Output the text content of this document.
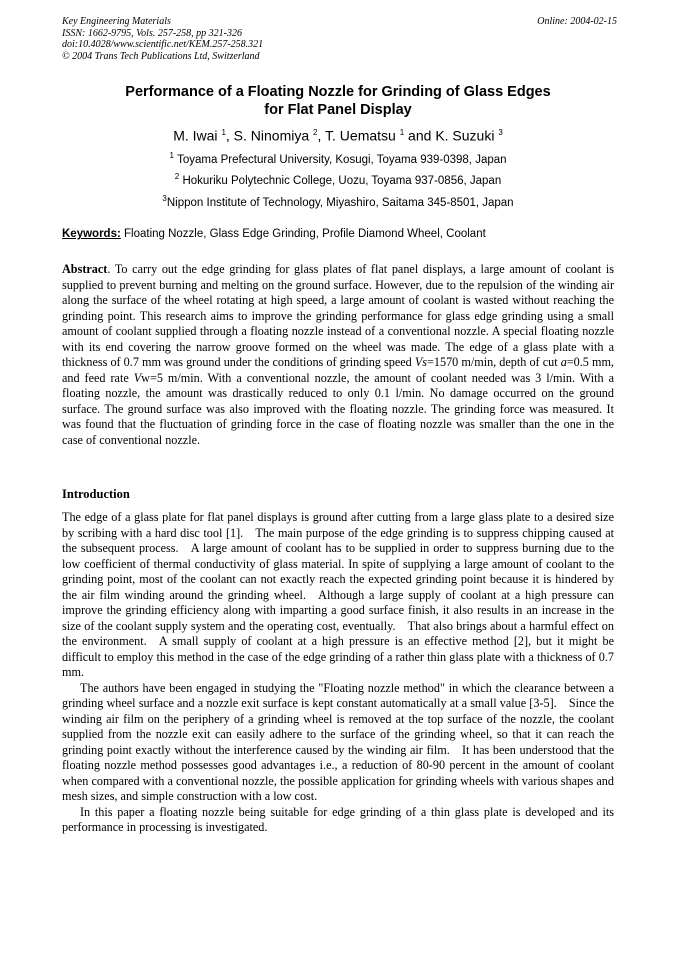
Key Engineering Materials
ISSN: 1662-9795, Vols. 257-258, pp 321-326
doi:10.4028/www.scientific.net/KEM.257-258.321
© 2004 Trans Tech Publications Ltd, Switzerland
Online: 2004-02-15
Performance of a Floating Nozzle for Grinding of Glass Edges
for Flat Panel Display
M. Iwai $^1$, S. Ninomiya $^2$, T. Uematsu $^1$ and K. Suzuki $^3$
$^1$ Toyama Prefectural University, Kosugi, Toyama 939-0398, Japan
$^2$ Hokuriku Polytechnic College, Uozu, Toyama 937-0856, Japan
$^3$Nippon Institute of Technology, Miyashiro, Saitama 345-8501, Japan
Keywords: Floating Nozzle, Glass Edge Grinding, Profile Diamond Wheel, Coolant
Abstract. To carry out the edge grinding for glass plates of flat panel displays, a large amount of coolant is supplied to prevent burning and melting on the ground surface. However, due to the repulsion of the winding air along the surface of the wheel rotating at high speed, a large amount of coolant is wasted without reaching the grinding point. This research aims to improve the grinding performance for glass edge grinding using a small amount of coolant supplied through a floating nozzle instead of a conventional nozzle. A special floating nozzle with its end covering the narrow groove formed on the wheel was made. The edge of a glass plate with a thickness of 0.7 mm was ground under the conditions of grinding speed Vs=1570 m/min, depth of cut a=0.5 mm, and feed rate Vw=5 m/min. With a conventional nozzle, the amount of coolant needed was 3 l/min. With a floating nozzle, the amount was drastically reduced to only 0.1 l/min. No damage occurred on the ground surface. The ground surface was also improved with the floating nozzle. The grinding force was measured. It was found that the fluctuation of grinding force in the case of floating nozzle was smaller than the one in the case of conventional nozzle.
Introduction

The edge of a glass plate for flat panel displays is ground after cutting from a large glass plate to a desired size by scribing with a hard disc tool [1]. The main purpose of the edge grinding is to suppress chipping caused at the subsequent process. A large amount of coolant has to be supplied in order to suppress burning due to the low coefficient of thermal conductivity of glass material. In spite of supplying a large amount of coolant to the grinding point, most of the coolant can not exactly reach the expected grinding point because it is hindered by the air film winding around the grinding wheel. Although a large supply of coolant at a high pressure can improve the grinding efficiency along with imparting a good surface finish, it also results in an increase in the size of the coolant supply system and the operating cost, eventually. That also brings about a harmful effect on the environment. A small supply of coolant at a high pressure is an effective method [2], but it might be difficult to employ this method in the case of the edge grinding of a rather thin glass plate with a thickness of 0.7 mm.

The authors have been engaged in studying the "Floating nozzle method" in which the clearance between a grinding wheel surface and a nozzle exit surface is kept constant automatically at a small value [3-5]. Since the winding air film on the periphery of a grinding wheel is removed at the top surface of the nozzle, the coolant supplied from the nozzle exit can easily adhere to the surface of the grinding wheel, so that it can reach the grinding point exactly without the interference caused by the winding air film. It has been understood that the floating nozzle method possesses good advantages i.e., a reduction of 80-90 percent in the amount of coolant when compared with a conventional nozzle, the possible application for grinding wheels with various shapes and mesh sizes, and simple construction with a low cost.

In this paper a floating nozzle being suitable for edge grinding of a thin glass plate is developed and its performance in processing is investigated.
